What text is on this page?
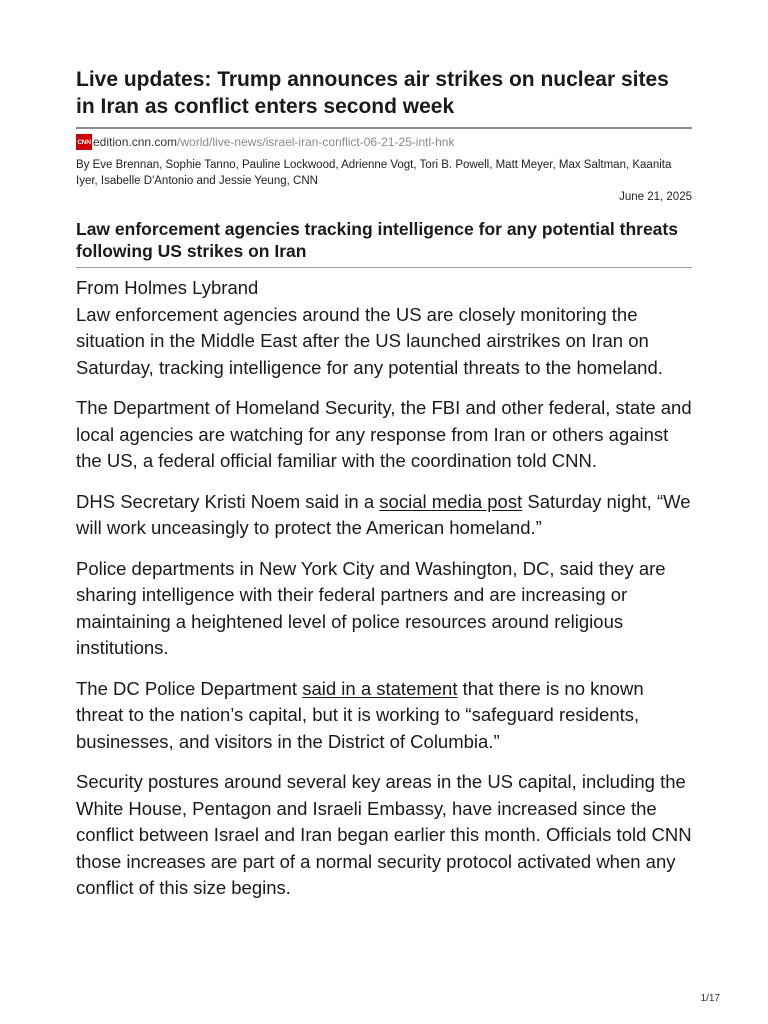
Live updates: Trump announces air strikes on nuclear sites in Iran as conflict enters second week
CNN edition.cnn.com /world/live-news/israel-iran-conflict-06-21-25-intl-hnk
By Eve Brennan, Sophie Tanno, Pauline Lockwood, Adrienne Vogt, Tori B. Powell, Matt Meyer, Max Saltman, Kaanita Iyer, Isabelle D'Antonio and Jessie Yeung, CNN
June 21, 2025
Law enforcement agencies tracking intelligence for any potential threats following US strikes on Iran
From Holmes Lybrand

Law enforcement agencies around the US are closely monitoring the situation in the Middle East after the US launched airstrikes on Iran on Saturday, tracking intelligence for any potential threats to the homeland.

The Department of Homeland Security, the FBI and other federal, state and local agencies are watching for any response from Iran or others against the US, a federal official familiar with the coordination told CNN.

DHS Secretary Kristi Noem said in a social media post Saturday night, “We will work unceasingly to protect the American homeland.”

Police departments in New York City and Washington, DC, said they are sharing intelligence with their federal partners and are increasing or maintaining a heightened level of police resources around religious institutions.

The DC Police Department said in a statement that there is no known threat to the nation’s capital, but it is working to “safeguard residents, businesses, and visitors in the District of Columbia.”

Security postures around several key areas in the US capital, including the White House, Pentagon and Israeli Embassy, have increased since the conflict between Israel and Iran began earlier this month. Officials told CNN those increases are part of a normal security protocol activated when any conflict of this size begins.

1/17
